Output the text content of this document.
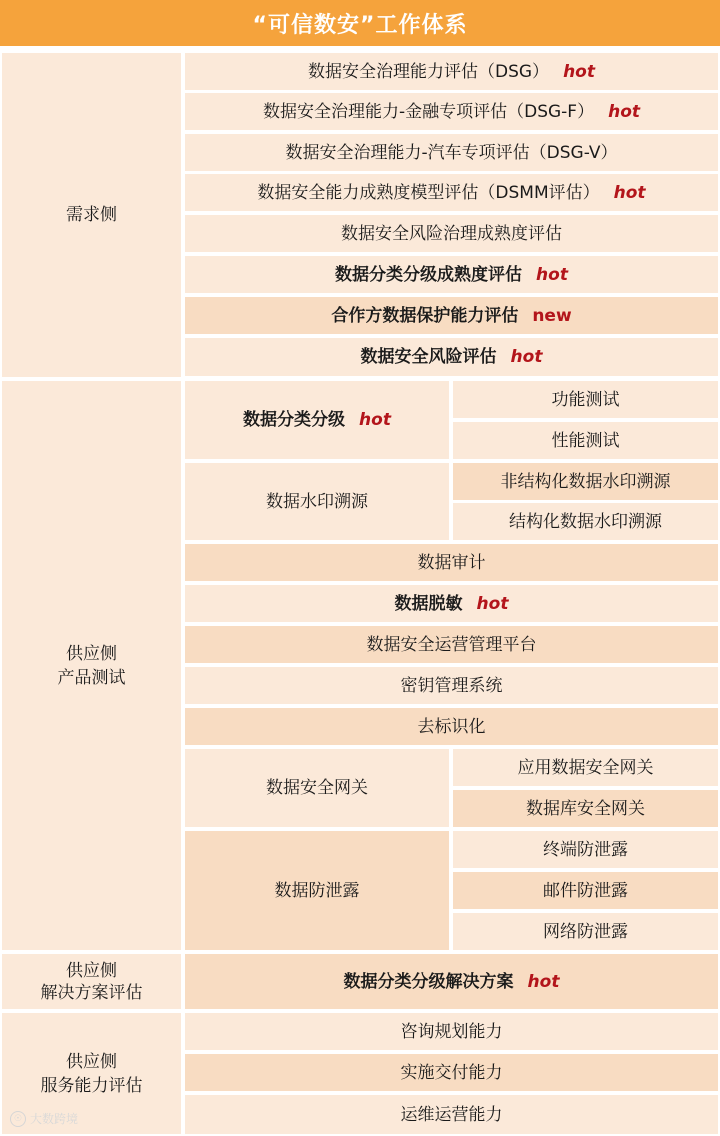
“可信数安”工作体系
需求侧
数据安全治理能力评估（DSG） hot
数据安全治理能力-金融专项评估（DSG-F） hot
数据安全治理能力-汽车专项评估（DSG-V）
数据安全能力成熟度模型评估（DSMM评估） hot
数据安全风险治理成熟度评估
数据分类分级成熟度评估 hot
合作方数据保护能力评估 new
数据安全风险评估 hot
供应侧
产品测试
数据分类分级 hot
功能测试
性能测试
数据水印溯源
非结构化数据水印溯源
结构化数据水印溯源
数据审计
数据脱敏 hot
数据安全运营管理平台
密钥管理系统
去标识化
数据安全网关
应用数据安全网关
数据库安全网关
数据防泄露
终端防泄露
邮件防泄露
网络防泄露
供应侧
解决方案评估
数据分类分级解决方案 hot
供应侧
服务能力评估
咨询规划能力
实施交付能力
运维运营能力
☉ 大数跨境
